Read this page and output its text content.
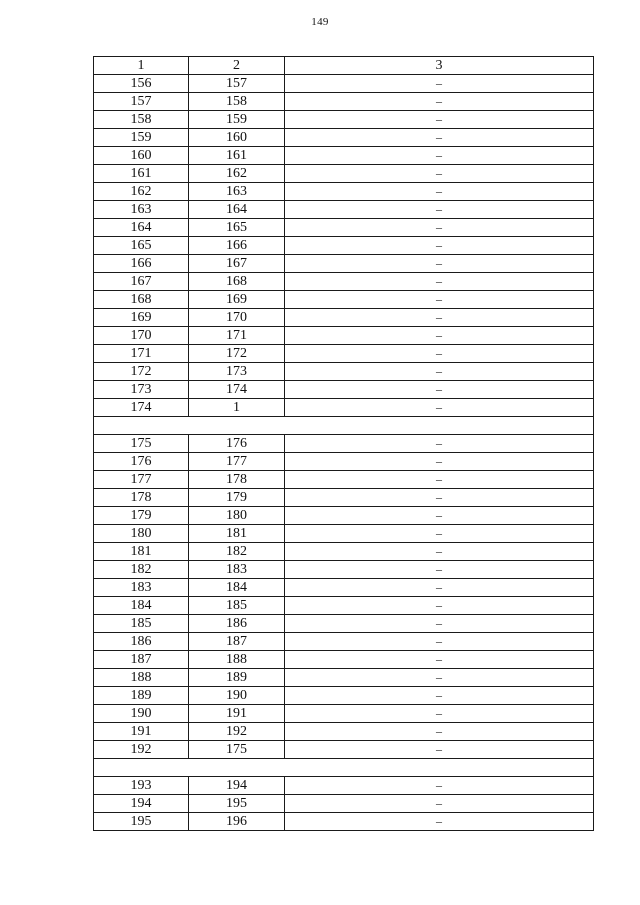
149
1	2	3
156	157	–
157	158	–
158	159	–
159	160	–
160	161	–
161	162	–
162	163	–
163	164	–
164	165	–
165	166	–
166	167	–
167	168	–
168	169	–
169	170	–
170	171	–
171	172	–
172	173	–
173	174	–
174	1	–

175	176	–
176	177	–
177	178	–
178	179	–
179	180	–
180	181	–
181	182	–
182	183	–
183	184	–
184	185	–
185	186	–
186	187	–
187	188	–
188	189	–
189	190	–
190	191	–
191	192	–
192	175	–

193	194	–
194	195	–
195	196	–
